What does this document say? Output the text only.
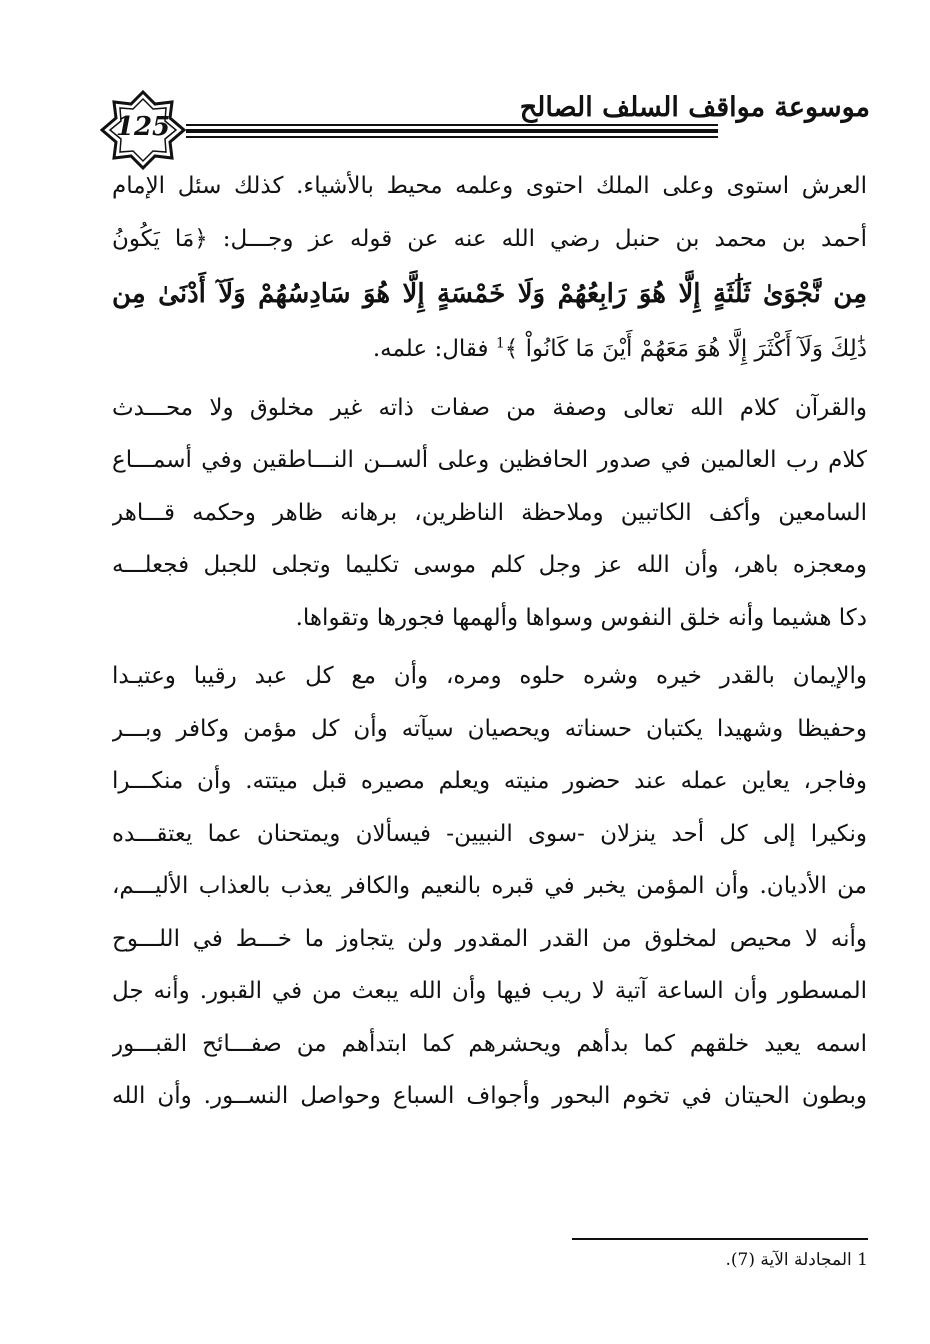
125
موسوعة مواقف السلف الصالح
العرش استوى وعلى الملك احتوى وعلمه محيط بالأشياء. كذلك سئل الإمام
أحمد بن محمد بن حنبل رضي الله عنه عن قوله عز وجـــل: ﴿مَا يَكُونُ
مِن نَّجْوَىٰ ثَلَٰثَةٍ إِلَّا هُوَ رَابِعُهُمْ وَلَا خَمْسَةٍ إِلَّا هُوَ سَادِسُهُمْ وَلَآ أَدْنَىٰ مِن
ذَٰلِكَ وَلَآ أَكْثَرَ إِلَّا هُوَ مَعَهُمْ أَيْنَ مَا كَانُواْ ﴾$^1$ فقال: علمه.
والقرآن كلام الله تعالى وصفة من صفات ذاته غير مخلوق ولا محـــدث
كلام رب العالمين في صدور الحافظين وعلى ألســن النـــاطقين وفي أسمـــاع
السامعين وأكف الكاتبين وملاحظة الناظرين، برهانه ظاهر وحكمه قـــاهر
ومعجزه باهر، وأن الله عز وجل كلم موسى تكليما وتجلى للجبل فجعلـــه
دكا هشيما وأنه خلق النفوس وسواها وألهمها فجورها وتقواها.
والإيمان بالقدر خيره وشره حلوه ومره، وأن مع كل عبد رقيبا وعتيـدا
وحفيظا وشهيدا يكتبان حسناته ويحصيان سيآته وأن كل مؤمن وكافر وبـــر
وفاجر، يعاين عمله عند حضور منيته ويعلم مصيره قبل ميتته. وأن منكـــرا
ونكيرا إلى كل أحد ينزلان -سوى النبيين- فيسألان ويمتحنان عما يعتقـــده
من الأديان. وأن المؤمن يخبر في قبره بالنعيم والكافر يعذب بالعذاب الأليـــم،
وأنه لا محيص لمخلوق من القدر المقدور ولن يتجاوز ما خـــط في اللـــوح
المسطور وأن الساعة آتية لا ريب فيها وأن الله يبعث من في القبور. وأنه جل
اسمه يعيد خلقهم كما بدأهم ويحشرهم كما ابتدأهم من صفـــائح القبـــور
وبطون الحيتان في تخوم البحور وأجواف السباع وحواصل النســور. وأن الله
1 المجادلة الآية (7).
